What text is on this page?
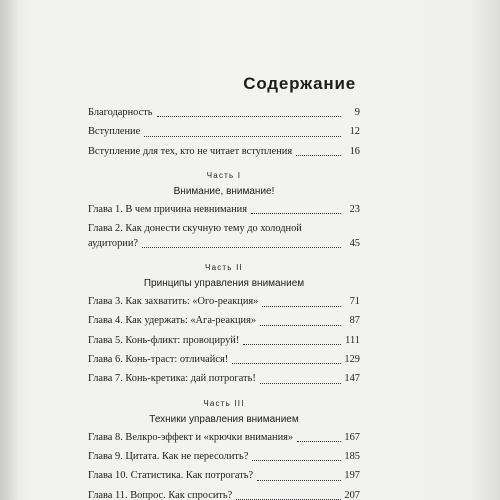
Содержание
Благодарность	9
Вступление	12
Вступление для тех, кто не читает вступления	16
Часть I
Внимание, внимание!
Глава 1. В чем причина невнимания	23
Глава 2. Как донести скучную тему до холодной
аудитории?	45
Часть II
Принципы управления вниманием
Глава 3. Как захватить: «Ого-реакция»	71
Глава 4. Как удержать: «Ага-реакция»	87
Глава 5. Конь-фликт: провоцируй!	111
Глава 6. Конь-траст: отличайся!	129
Глава 7. Конь-кретика: дай потрогать!	147
Часть III
Техники управления вниманием
Глава 8. Велкро-эффект и «крючки внимания»	167
Глава 9. Цитата. Как не пересолить?	185
Глава 10. Статистика. Как потрогать?	197
Глава 11. Вопрос. Как спросить?	207
